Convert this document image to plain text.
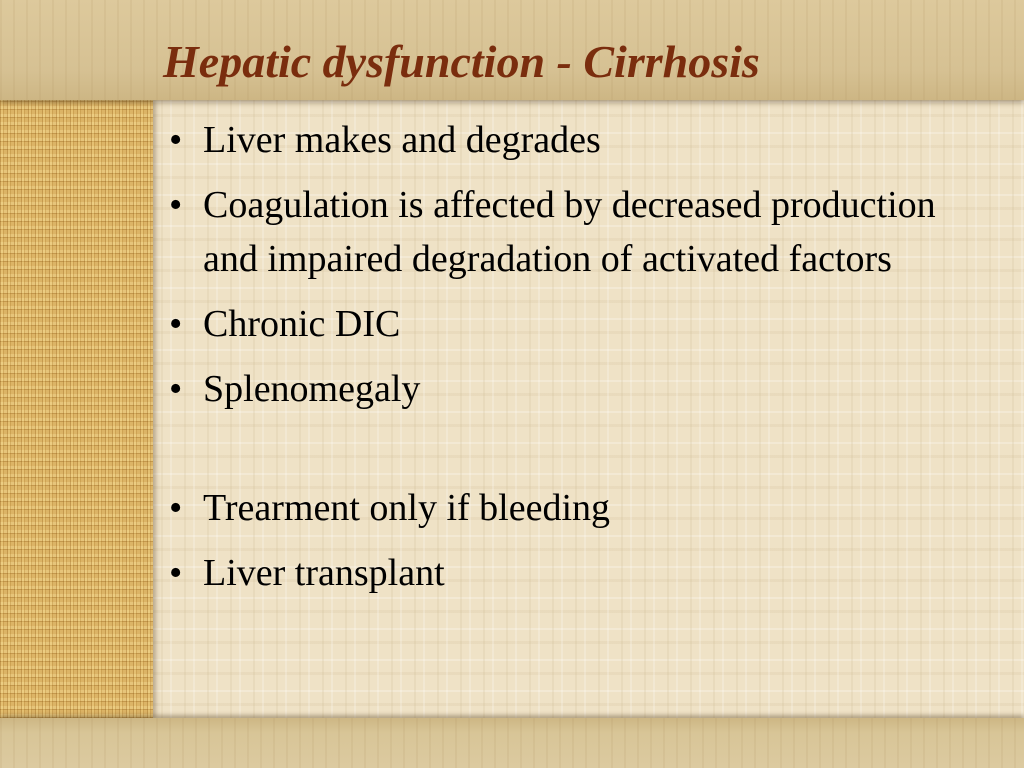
Hepatic dysfunction - Cirrhosis
• Liver makes and degrades
• Coagulation is affected by decreased production and impaired degradation of activated factors
• Chronic DIC
• Splenomegaly
• Trearment only if bleeding
• Liver transplant
